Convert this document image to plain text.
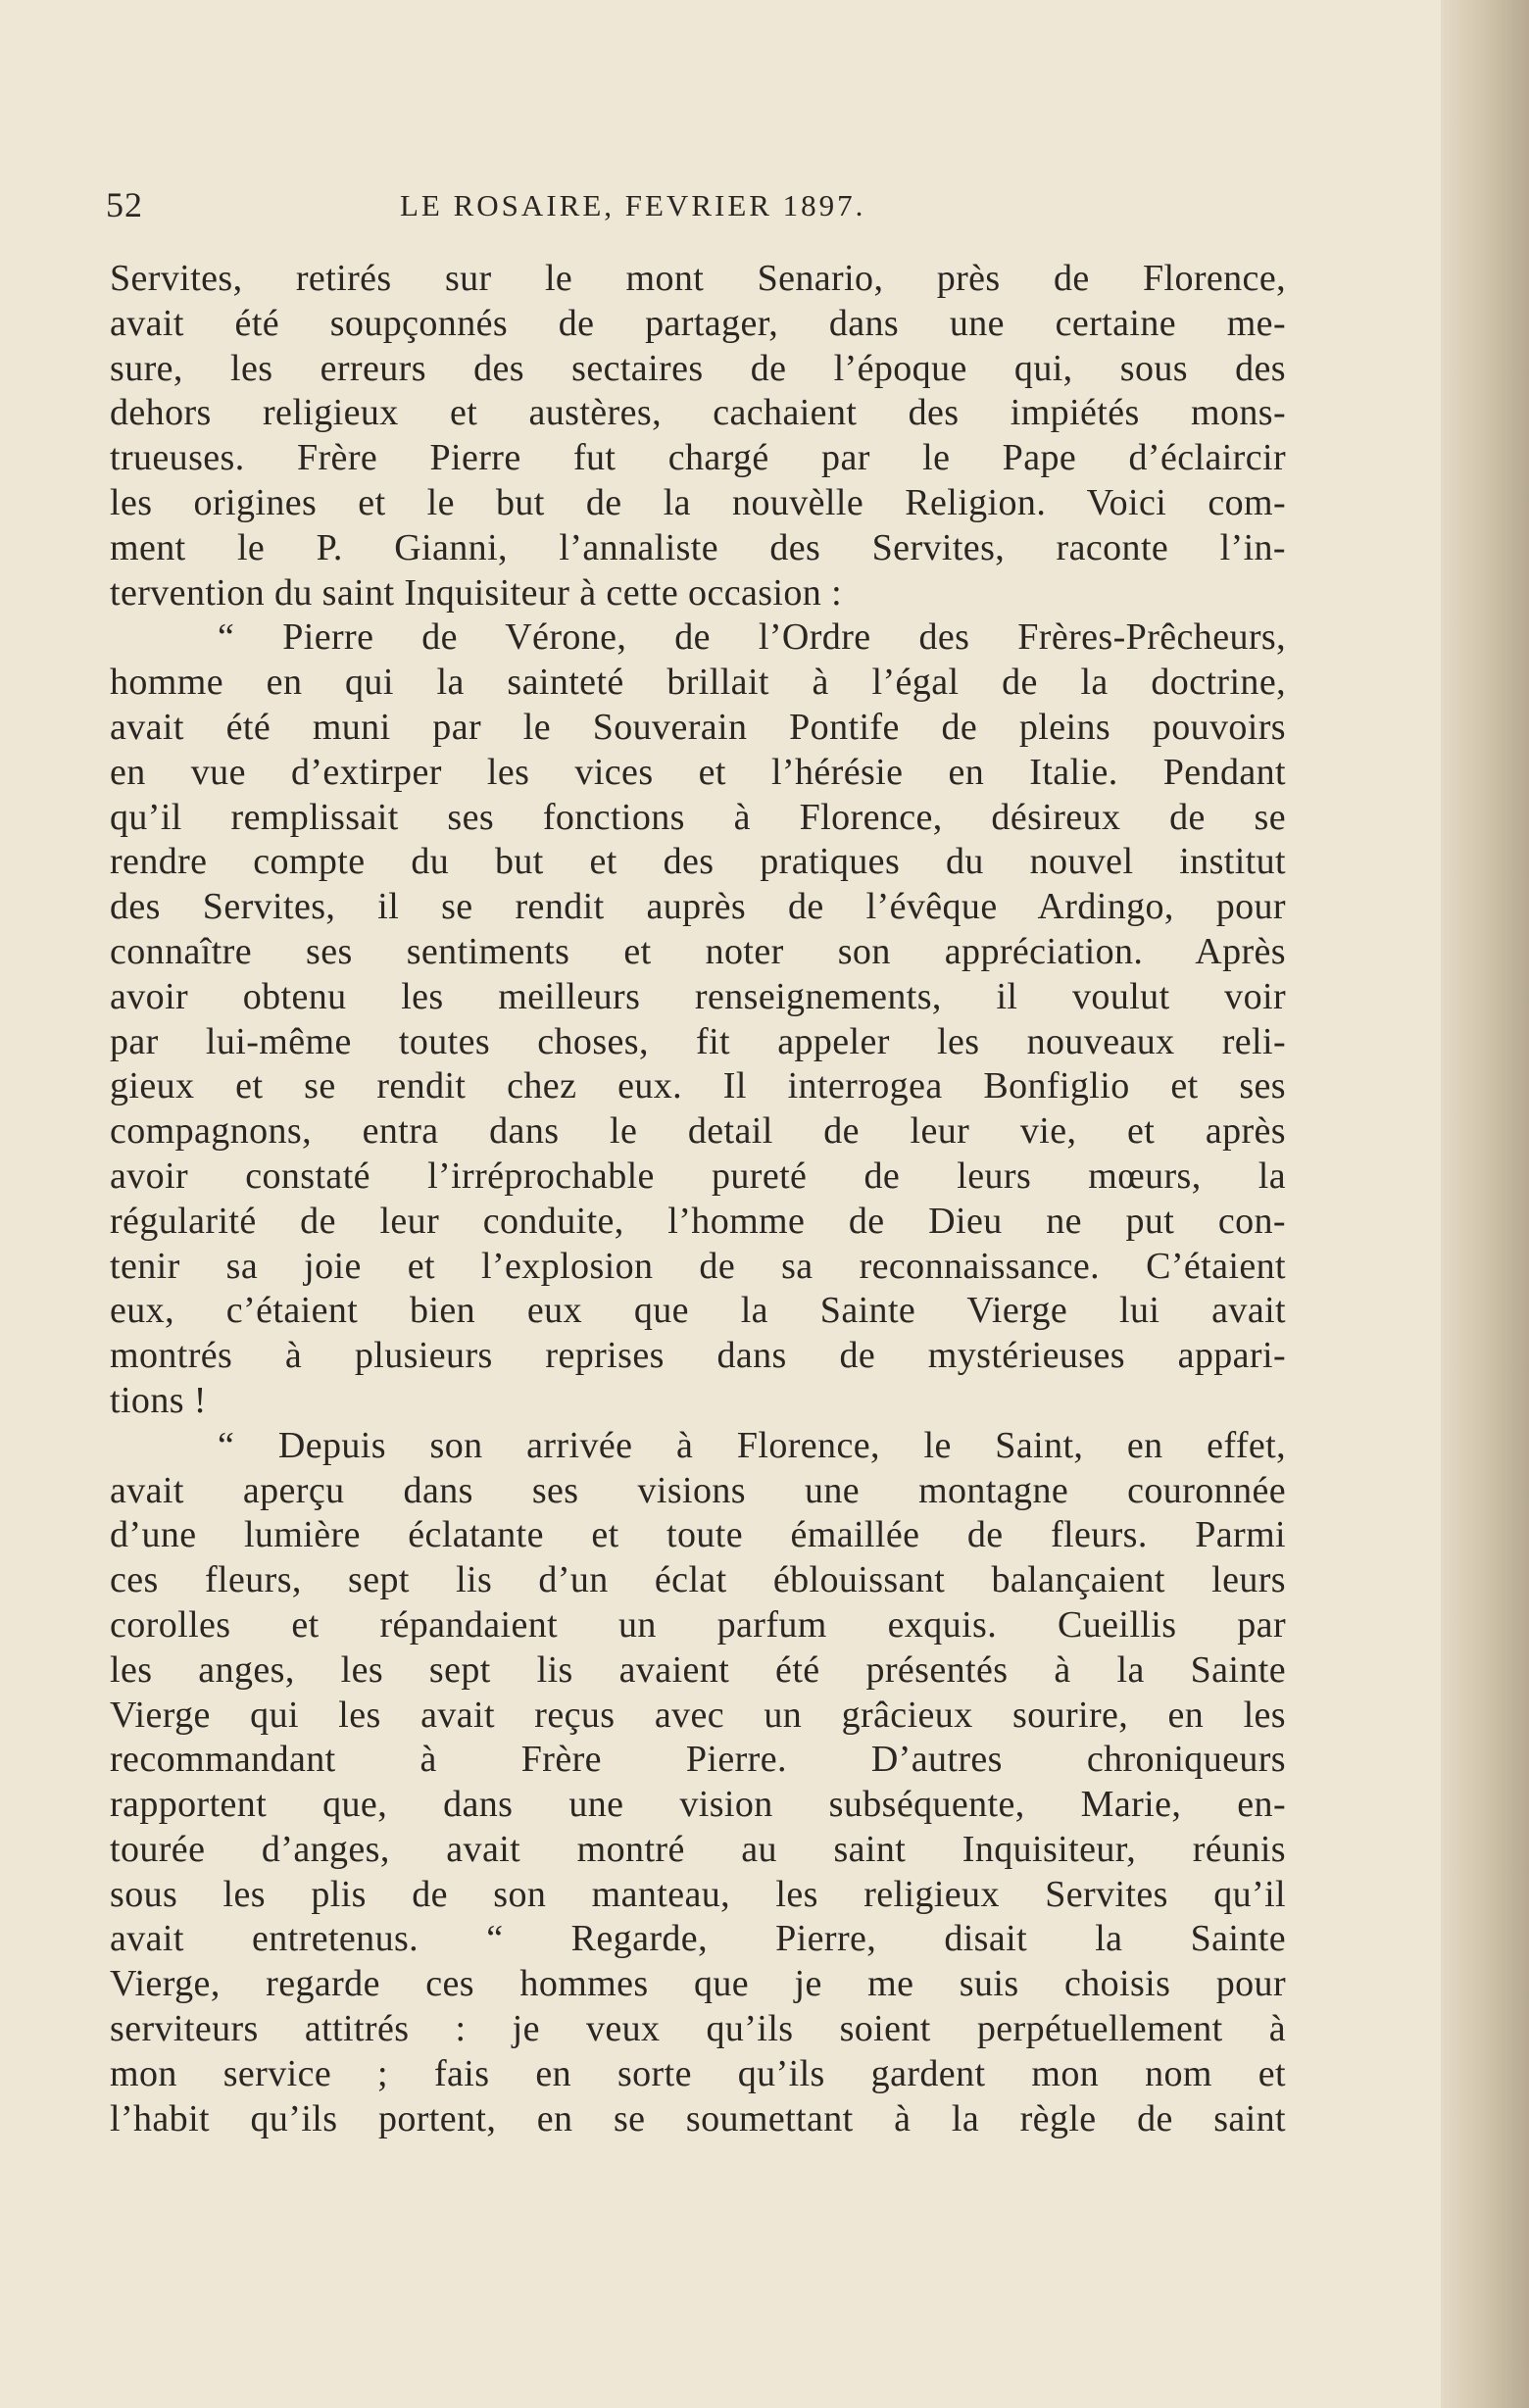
52	LE ROSAIRE, FEVRIER 1897.
Servites, retirés sur le mont Senario, près de Florence,
avait été soupçonnés de partager, dans une certaine me-
sure, les erreurs des sectaires de l’époque qui, sous des
dehors religieux et austères, cachaient des impiétés mons-
trueuses. Frère Pierre fut chargé par le Pape d’éclaircir
les origines et le but de la nouvèlle Religion. Voici com-
ment le P. Gianni, l’annaliste des Servites, raconte l’in-
tervention du saint Inquisiteur à cette occasion :
“ Pierre de Vérone, de l’Ordre des Frères-Prêcheurs,
homme en qui la sainteté brillait à l’égal de la doctrine,
avait été muni par le Souverain Pontife de pleins pouvoirs
en vue d’extirper les vices et l’hérésie en Italie. Pendant
qu’il remplissait ses fonctions à Florence, désireux de se
rendre compte du but et des pratiques du nouvel institut
des Servites, il se rendit auprès de l’évêque Ardingo, pour
connaître ses sentiments et noter son appréciation. Après
avoir obtenu les meilleurs renseignements, il voulut voir
par lui-même toutes choses, fit appeler les nouveaux reli-
gieux et se rendit chez eux. Il interrogea Bonfiglio et ses
compagnons, entra dans le detail de leur vie, et après
avoir constaté l’irréprochable pureté de leurs mœurs, la
régularité de leur conduite, l’homme de Dieu ne put con-
tenir sa joie et l’explosion de sa reconnaissance. C’étaient
eux, c’étaient bien eux que la Sainte Vierge lui avait
montrés à plusieurs reprises dans de mystérieuses appari-
tions !
“ Depuis son arrivée à Florence, le Saint, en effet,
avait aperçu dans ses visions une montagne couronnée
d’une lumière éclatante et toute émaillée de fleurs. Parmi
ces fleurs, sept lis d’un éclat éblouissant balançaient leurs
corolles et répandaient un parfum exquis. Cueillis par
les anges, les sept lis avaient été présentés à la Sainte
Vierge qui les avait reçus avec un grâcieux sourire, en les
recommandant à Frère Pierre. D’autres chroniqueurs
rapportent que, dans une vision subséquente, Marie, en-
tourée d’anges, avait montré au saint Inquisiteur, réunis
sous les plis de son manteau, les religieux Servites qu’il
avait entretenus. “ Regarde, Pierre, disait la Sainte
Vierge, regarde ces hommes que je me suis choisis pour
serviteurs attitrés : je veux qu’ils soient perpétuellement à
mon service ; fais en sorte qu’ils gardent mon nom et
l’habit qu’ils portent, en se soumettant à la règle de saint
